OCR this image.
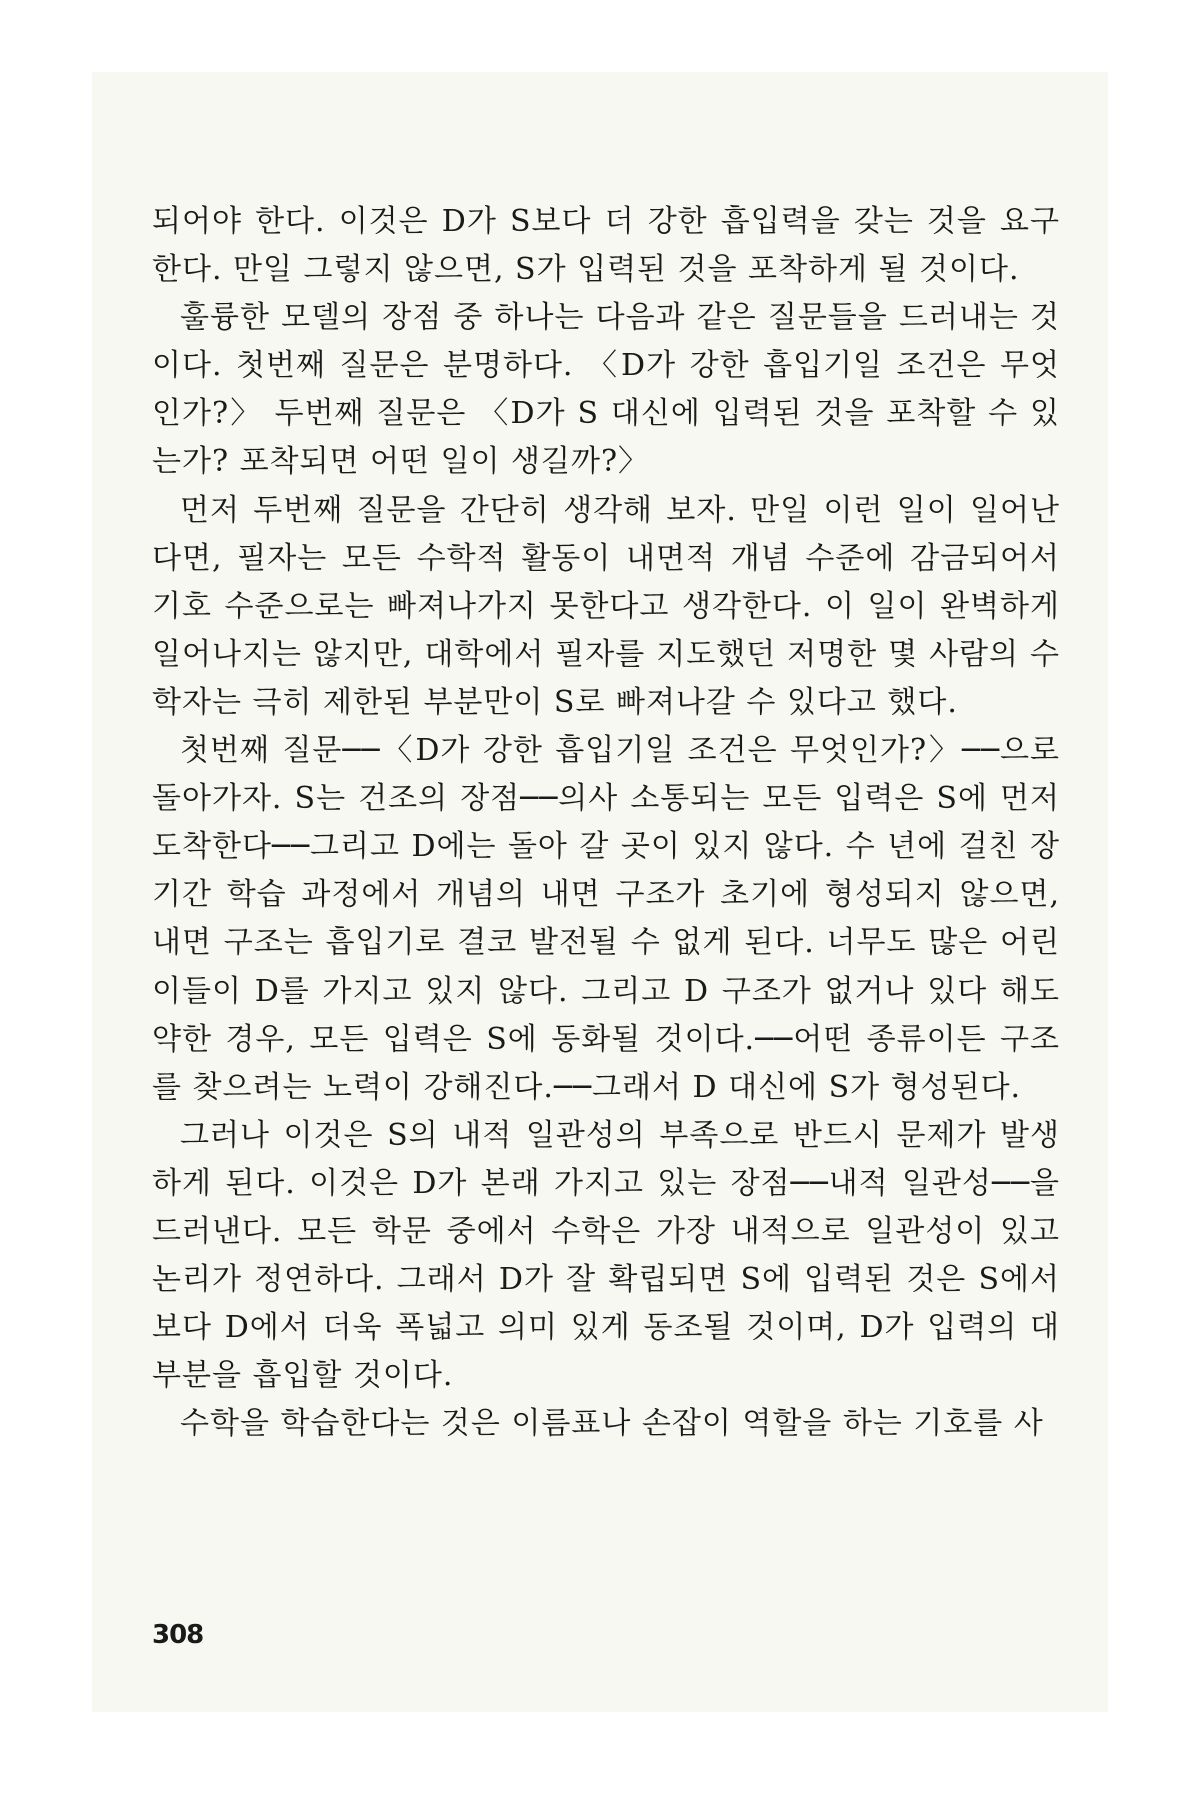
되어야 한다. 이것은 D가 S보다 더 강한 흡입력을 갖는 것을 요구한다. 만일 그렇지 않으면, S가 입력된 것을 포착하게 될 것이다.

훌륭한 모델의 장점 중 하나는 다음과 같은 질문들을 드러내는 것이다. 첫번째 질문은 분명하다. 〈D가 강한 흡입기일 조건은 무엇인가?〉 두번째 질문은 〈D가 S 대신에 입력된 것을 포착할 수 있는가? 포착되면 어떤 일이 생길까?〉

먼저 두번째 질문을 간단히 생각해 보자. 만일 이런 일이 일어난다면, 필자는 모든 수학적 활동이 내면적 개념 수준에 감금되어서 기호 수준으로는 빠져나가지 못한다고 생각한다. 이 일이 완벽하게 일어나지는 않지만, 대학에서 필자를 지도했던 저명한 몇 사람의 수학자는 극히 제한된 부분만이 S로 빠져나갈 수 있다고 했다.

첫번째 질문──〈D가 강한 흡입기일 조건은 무엇인가?〉──으로 돌아가자. S는 건조의 장점──의사 소통되는 모든 입력은 S에 먼저 도착한다──그리고 D에는 돌아 갈 곳이 있지 않다. 수 년에 걸친 장기간 학습 과정에서 개념의 내면 구조가 초기에 형성되지 않으면, 내면 구조는 흡입기로 결코 발전될 수 없게 된다. 너무도 많은 어린이들이 D를 가지고 있지 않다. 그리고 D 구조가 없거나 있다 해도 약한 경우, 모든 입력은 S에 동화될 것이다.──어떤 종류이든 구조를 찾으려는 노력이 강해진다.──그래서 D 대신에 S가 형성된다.

그러나 이것은 S의 내적 일관성의 부족으로 반드시 문제가 발생하게 된다. 이것은 D가 본래 가지고 있는 장점──내적 일관성──을 드러낸다. 모든 학문 중에서 수학은 가장 내적으로 일관성이 있고 논리가 정연하다. 그래서 D가 잘 확립되면 S에 입력된 것은 S에서보다 D에서 더욱 폭넓고 의미 있게 동조될 것이며, D가 입력의 대부분을 흡입할 것이다.

수학을 학습한다는 것은 이름표나 손잡이 역할을 하는 기호를 사

308
